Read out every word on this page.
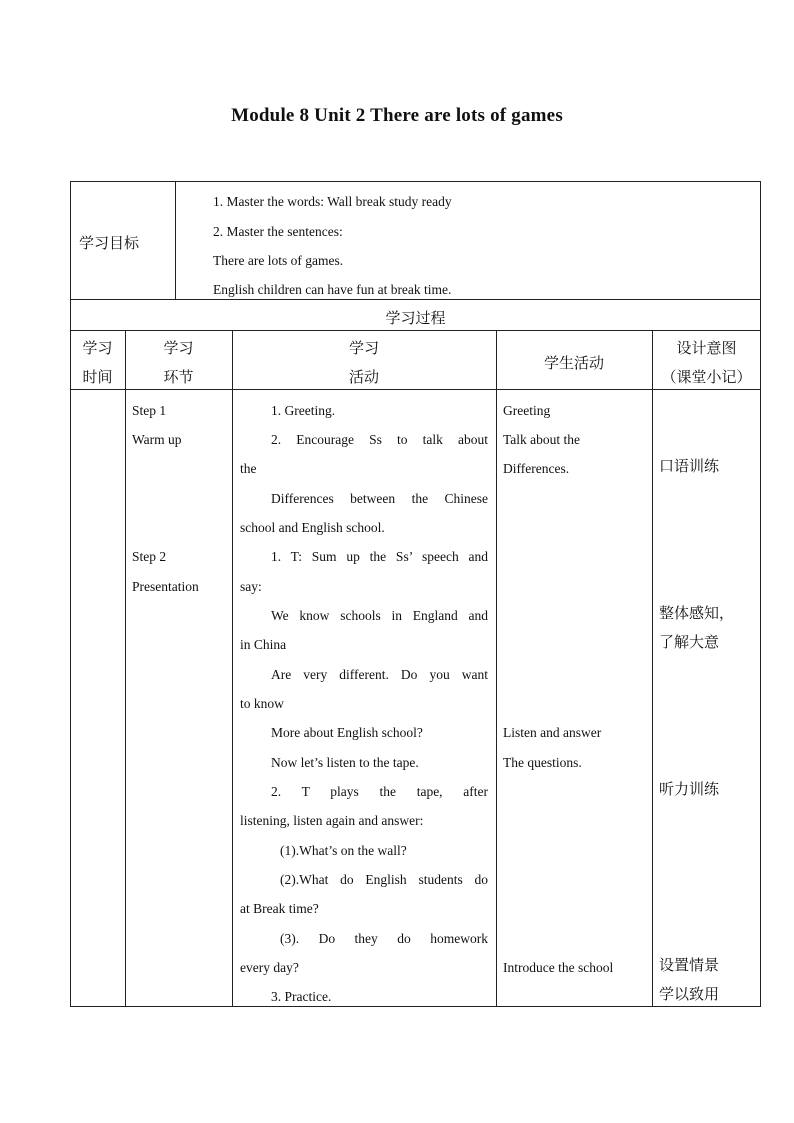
Module 8 Unit 2 There are lots of games
学习目标
1. Master the words: Wall break study ready
2. Master the sentences:
There are lots of games.
English children can have fun at break time.
学习过程
学习
时间
学习
环节
学习
活动
学生活动
设计意图
（课堂小记）
Step 1
Warm up
Step 2
Presentation
1. Greeting.
2. Encourage Ss to talk about
the
Differences between the Chinese
school and English school.
1. T: Sum up the Ss’ speech and
say:
We know schools in England and
in China
Are very different. Do you want
to know
More about English school?
Now let’s listen to the tape.
2. T plays the tape, after
listening, listen again and answer:
(1).What’s on the wall?
(2).What do English students do
at Break time?
(3). Do they do homework
every day?
3. Practice.
Greeting
Talk about the
Differences.
Listen and answer
The questions.
Introduce the school
口语训练
整体感知，
了解大意
听力训练
设置情景
学以致用
